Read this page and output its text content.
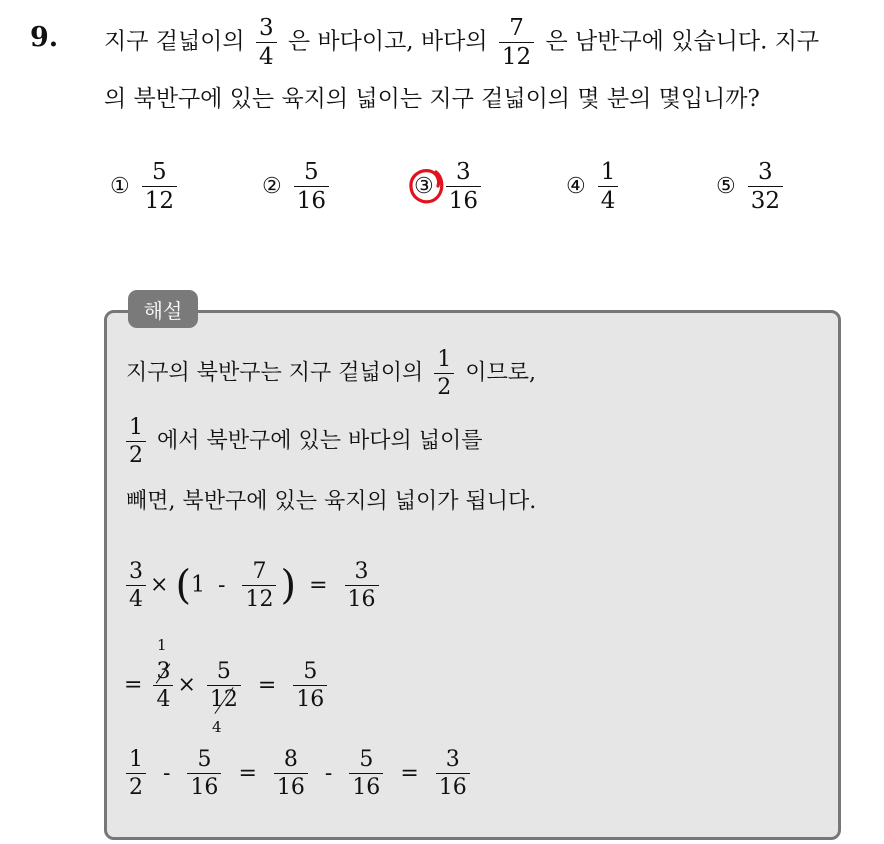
9. 지구 겉넓이의 $\frac{3}{4}$ 은 바다이고, 바다의 $\frac{7}{12}$ 은 남반구에 있습니다. 지구
의 북반구에 있는 육지의 넓이는 지구 겉넓이의 몇 분의 몇입니까?
① $\frac{5}{12}$	② $\frac{5}{16}$	③ $\frac{3}{16}$	④ $\frac{1}{4}$	⑤ $\frac{3}{32}$
해설
지구의 북반구는 지구 겉넓이의 $\frac{1}{2}$ 이므로,
$\frac{1}{2}$ 에서 북반구에 있는 바다의 넓이를
빼면, 북반구에 있는 육지의 넓이가 됩니다.
$\frac{3}{4} \times (1 - \frac{7}{12}$ ) = $\frac{3}{16}$
1
= $\frac{3}{4} \times \frac{5}{12} = \frac{5}{16}$
4
$\frac{1}{2} - \frac{5}{16} = \frac{8}{16} - \frac{5}{16} = \frac{3}{16}$
